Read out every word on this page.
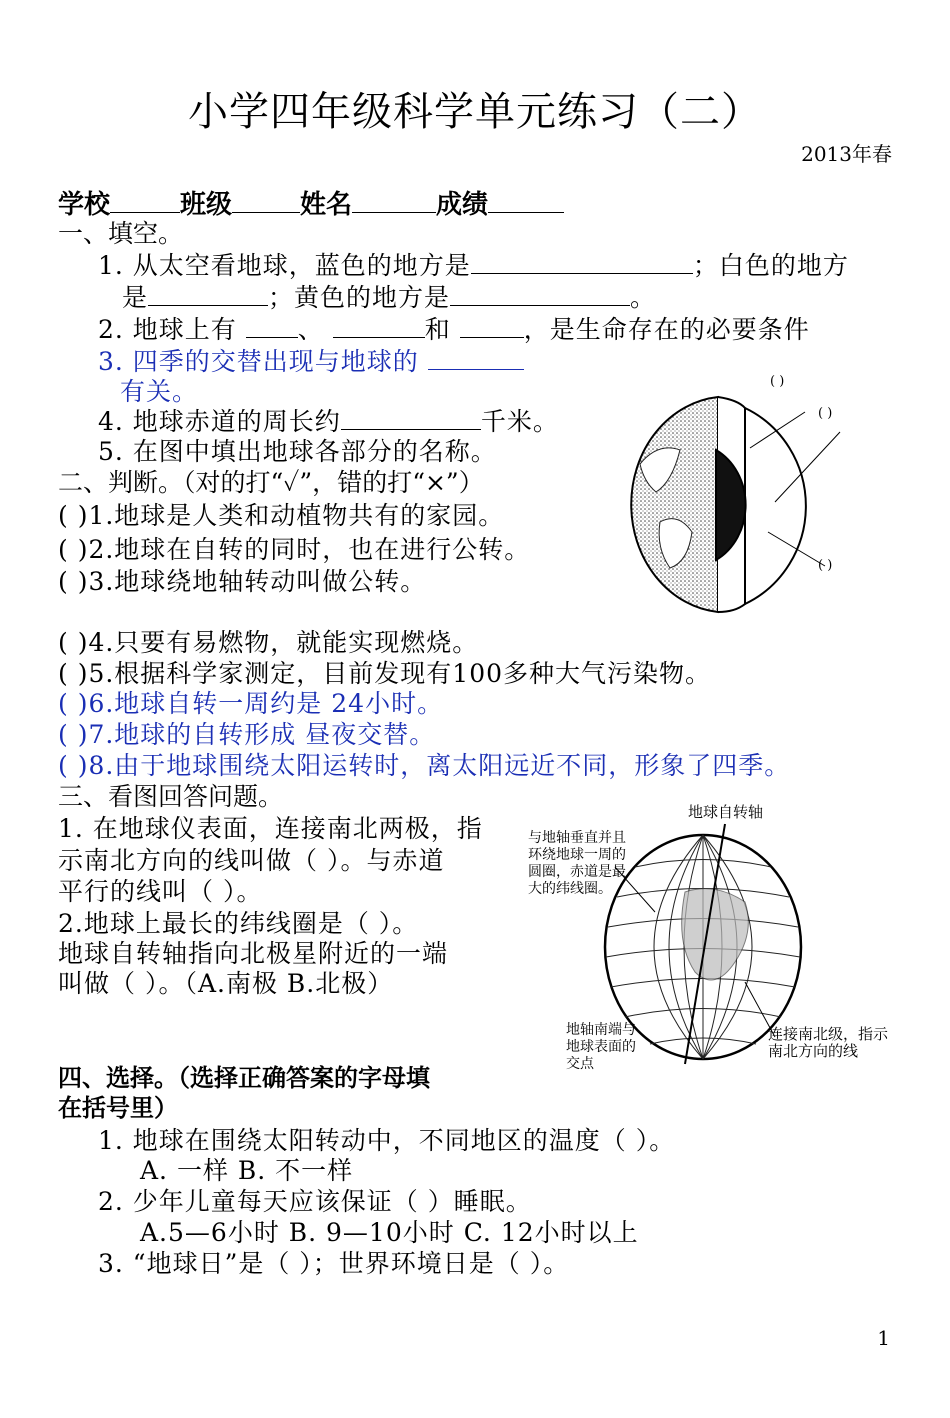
小学四年级科学单元练习（二）
2013年春
学校	班级	姓名	成绩
一、填空。
1. 从太空看地球，蓝色的地方是	；白色的地方
是	；黄色的地方是	。
2. 地球上有 、	和	，是生命存在的必要条件
3. 四季的交替出现与地球的
有关。
4. 地球赤道的周长约	千米。
5. 在图中填出地球各部分的名称。
( )
( )
( )
二、判断。（对的打“✓”，错的打“×”）
( )1.地球是人类和动植物共有的家园。
( )2.地球在自转的同时，也在进行公转。
( )3.地球绕地轴转动叫做公转。
( )4.只要有易燃物，就能实现燃烧。
( )5.根据科学家测定，目前发现有100多种大气污染物。
( )6.地球自转一周约是 24小时。
( )7.地球的自转形成 昼夜交替。
( )8.由于地球围绕太阳运转时，离太阳远近不同，形象了四季。
三、看图回答问题。
1. 在地球仪表面，连接南北两极，指
示南北方向的线叫做（ ）。与赤道
平行的线叫（ ）。
2.地球上最长的纬线圈是（ ）。
地球自转轴指向北极星附近的一端
叫做（ ）。（A.南极 B.北极）
地球自转轴
与地轴垂直并且环绕地球一周的圆圈，赤道是最大的纬线圈。
地轴南端与地球表面的交点
连接南北级，指示南北方向的线
四、选择。（选择正确答案的字母填
在括号里）
1. 地球在围绕太阳转动中，不同地区的温度（ ）。
A. 一样 B. 不一样
2. 少年儿童每天应该保证（ ）睡眠。
A.5—6小时 B. 9—10小时 C. 12小时以上
3. “地球日”是（ ）；世界环境日是（ ）。
1
